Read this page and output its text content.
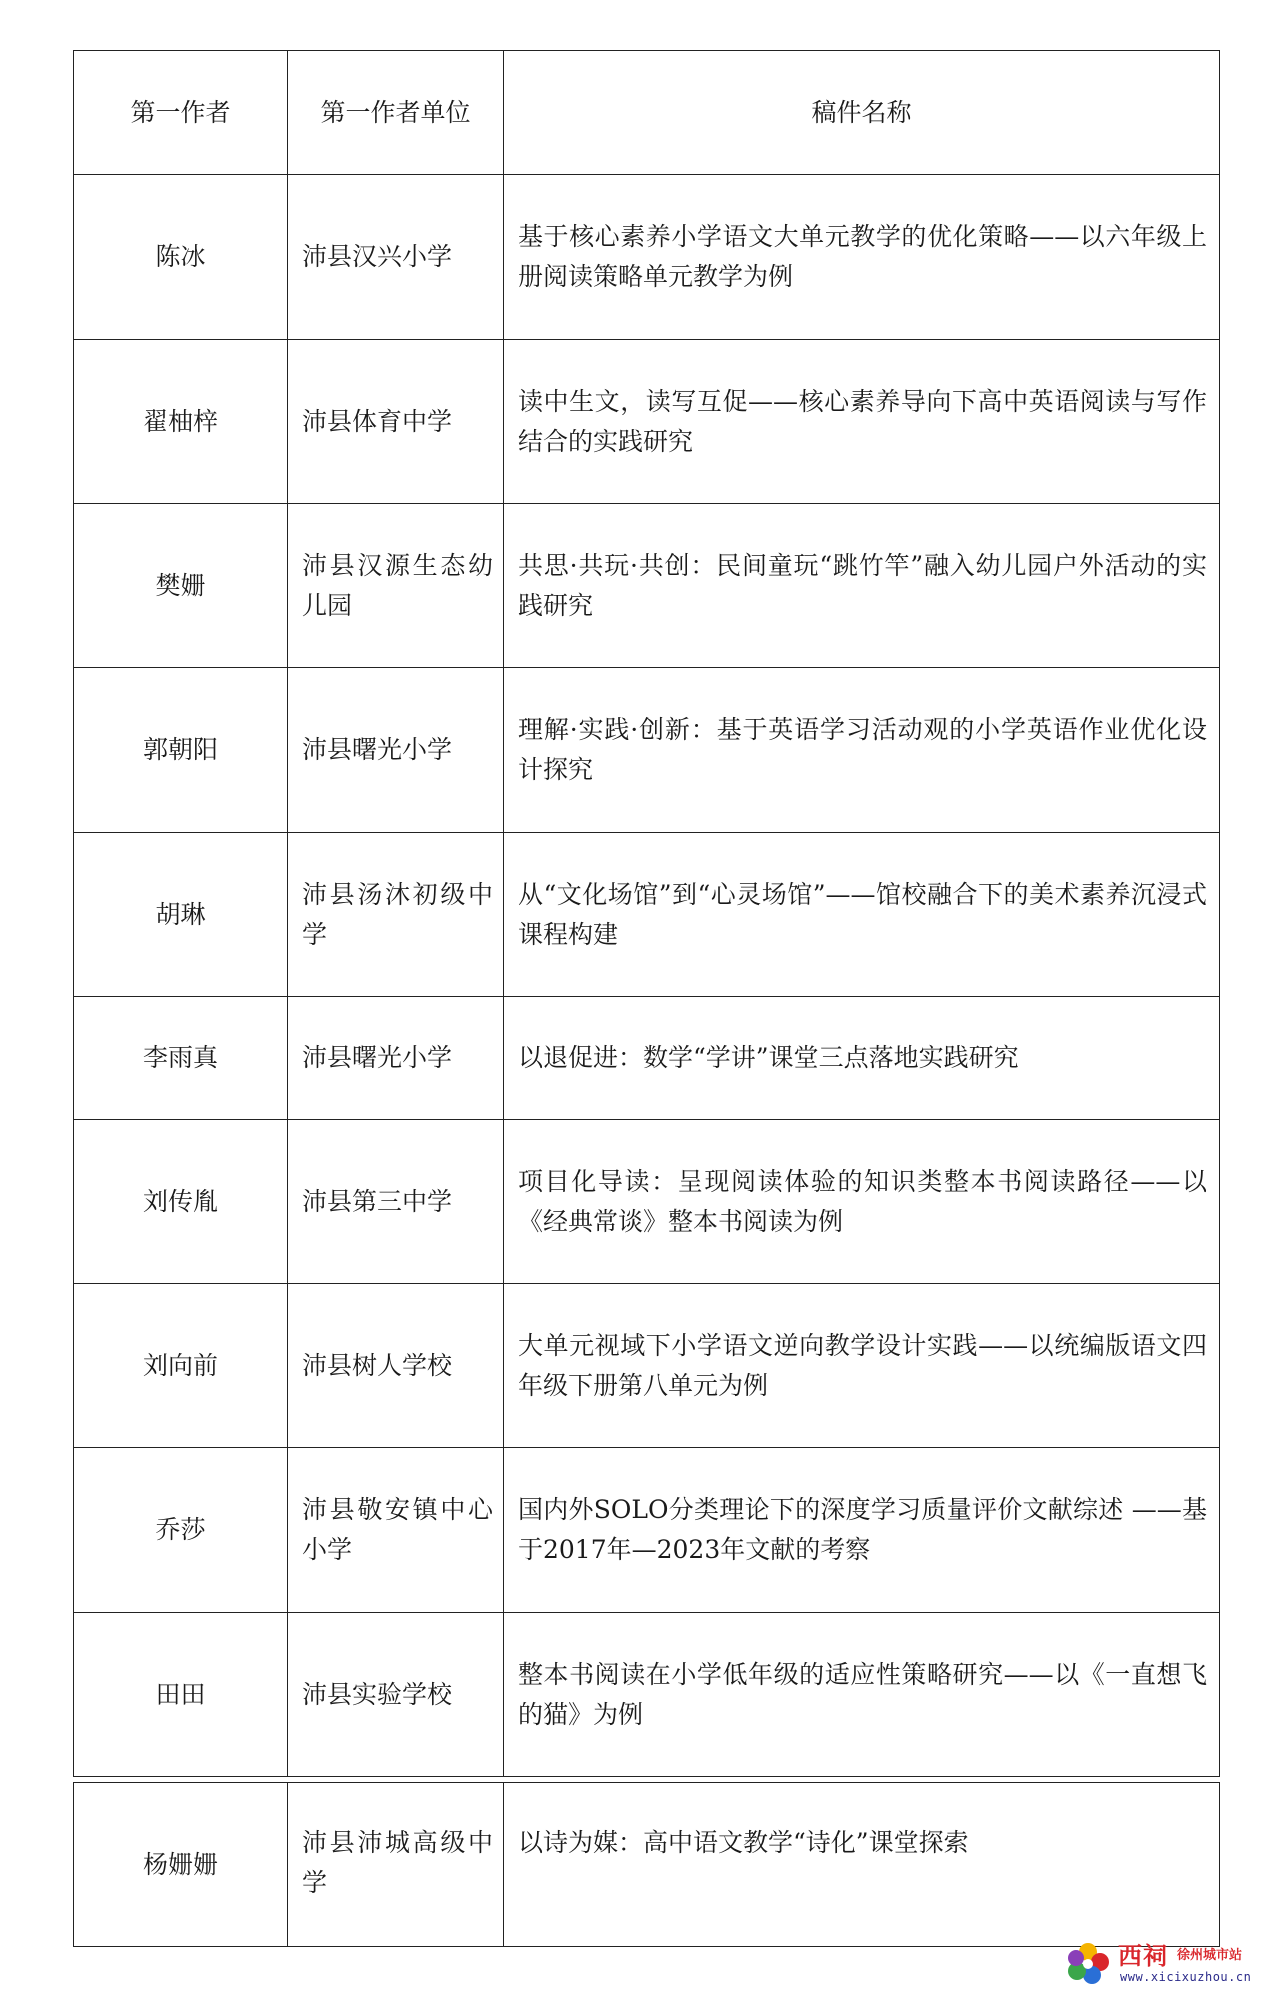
第一作者	第一作者单位	稿件名称
陈冰	沛县汉兴小学	基于核心素养小学语文大单元教学的优化策略——以六年级上册阅读策略单元教学为例
翟柚梓	沛县体育中学	读中生文，读写互促——核心素养导向下高中英语阅读与写作结合的实践研究
樊姗	沛县汉源生态幼儿园	共思·共玩·共创：民间童玩“跳竹竿”融入幼儿园户外活动的实践研究
郭朝阳	沛县曙光小学	理解·实践·创新：基于英语学习活动观的小学英语作业优化设计探究
胡琳	沛县汤沐初级中学	从“文化场馆”到“心灵场馆”——馆校融合下的美术素养沉浸式课程构建
李雨真	沛县曙光小学	以退促进：数学“学讲”课堂三点落地实践研究
刘传胤	沛县第三中学	项目化导读：呈现阅读体验的知识类整本书阅读路径——以《经典常谈》整本书阅读为例
刘向前	沛县树人学校	大单元视域下小学语文逆向教学设计实践——以统编版语文四年级下册第八单元为例
乔莎	沛县敬安镇中心小学	国内外SOLO分类理论下的深度学习质量评价文献综述 ——基于2017年—2023年文献的考察
田田	沛县实验学校	整本书阅读在小学低年级的适应性策略研究——以《一直想飞的猫》为例
杨姗姗	沛县沛城高级中学	以诗为媒：高中语文教学“诗化”课堂探索
西祠 徐州城市站
www.xicixuzhou.cn
